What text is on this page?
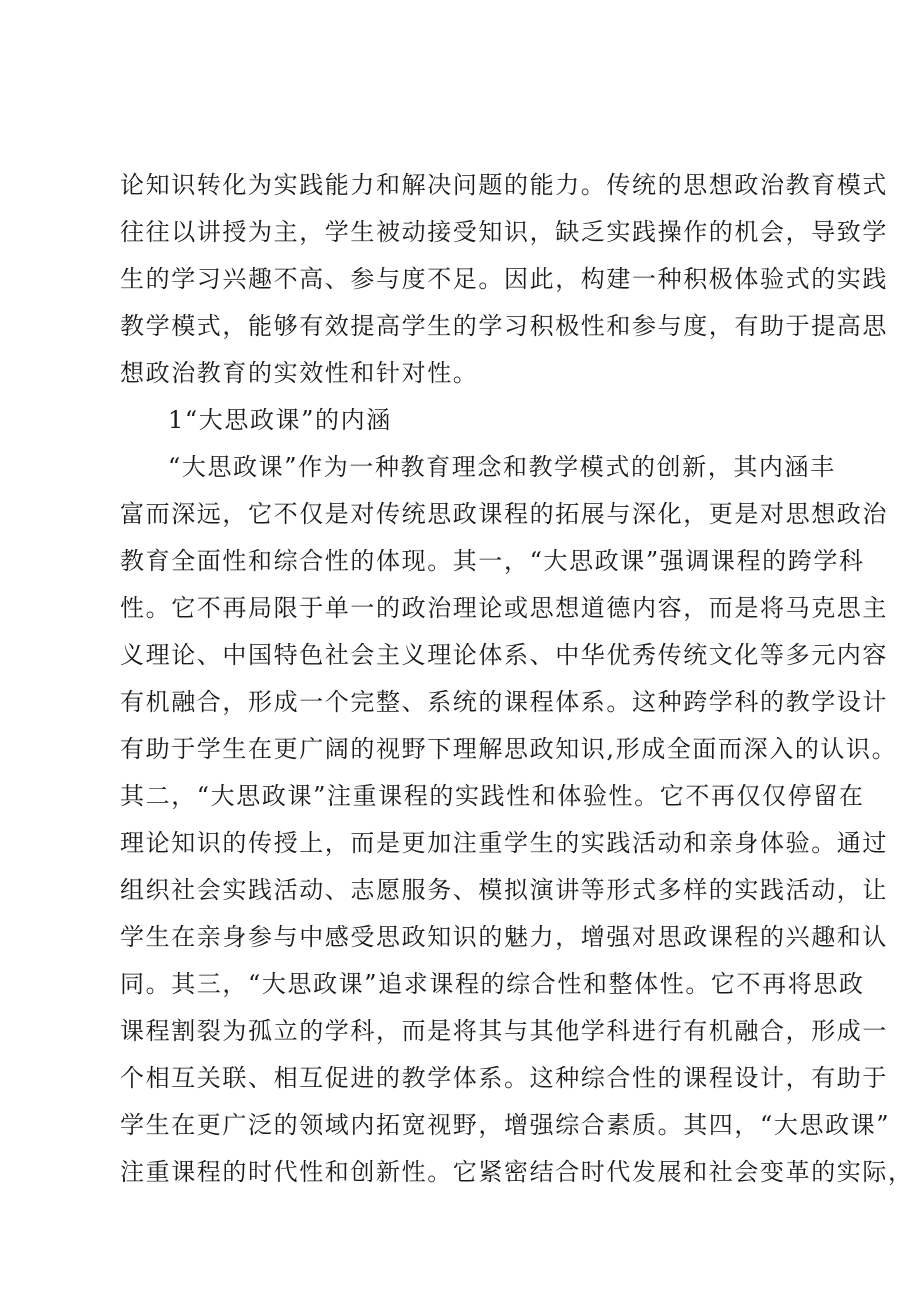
论知识转化为实践能力和解决问题的能力。传统的思想政治教育模式
往往以讲授为主，学生被动接受知识，缺乏实践操作的机会，导致学
生的学习兴趣不高、参与度不足。因此，构建一种积极体验式的实践
教学模式，能够有效提高学生的学习积极性和参与度，有助于提高思
想政治教育的实效性和针对性。
1“大思政课”的内涵
“大思政课”作为一种教育理念和教学模式的创新，其内涵丰
富而深远，它不仅是对传统思政课程的拓展与深化，更是对思想政治
教育全面性和综合性的体现。其一，“大思政课”强调课程的跨学科
性。它不再局限于单一的政治理论或思想道德内容，而是将马克思主
义理论、中国特色社会主义理论体系、中华优秀传统文化等多元内容
有机融合，形成一个完整、系统的课程体系。这种跨学科的教学设计
有助于学生在更广阔的视野下理解思政知识,形成全面而深入的认识。
其二，“大思政课”注重课程的实践性和体验性。它不再仅仅停留在
理论知识的传授上，而是更加注重学生的实践活动和亲身体验。通过
组织社会实践活动、志愿服务、模拟演讲等形式多样的实践活动，让
学生在亲身参与中感受思政知识的魅力，增强对思政课程的兴趣和认
同。其三，“大思政课”追求课程的综合性和整体性。它不再将思政
课程割裂为孤立的学科，而是将其与其他学科进行有机融合，形成一
个相互关联、相互促进的教学体系。这种综合性的课程设计，有助于
学生在更广泛的领域内拓宽视野，增强综合素质。其四，“大思政课”
注重课程的时代性和创新性。它紧密结合时代发展和社会变革的实际，
